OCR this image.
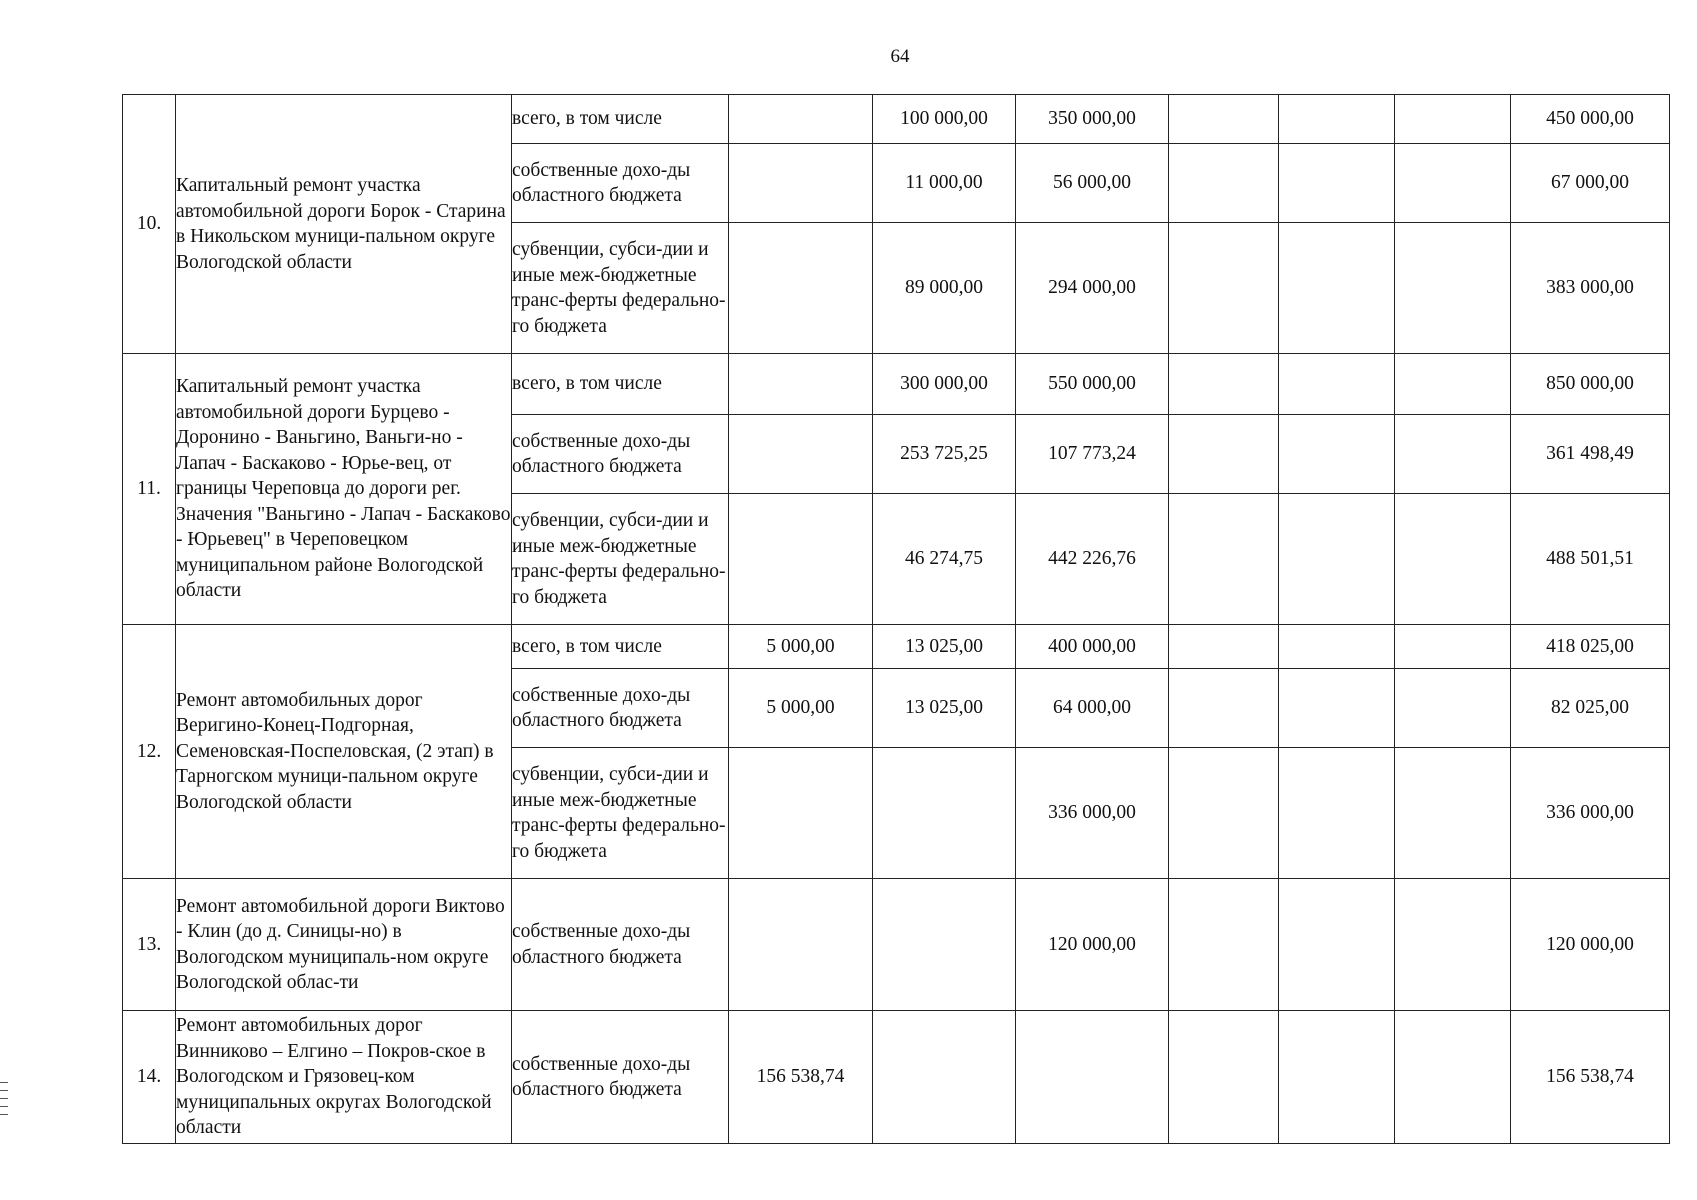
64
10.	Капитальный ремонт участка автомобильной дороги Борок - Старина в Никольском муници-пальном округе Вологодской области	всего, в том числе		100 000,00	350 000,00				450 000,00
		собственные дохо-ды областного бюджета		11 000,00	56 000,00				67 000,00
		субвенции, субси-дии и иные меж-бюджетные транс-ферты федерально-го бюджета		89 000,00	294 000,00				383 000,00
11.	Капитальный ремонт участка автомобильной дороги Бурцево - Доронино - Ваньгино, Ваньги-но - Лапач - Баскаково - Юрье-вец, от границы Череповца до дороги рег. Значения "Ваньгино - Лапач - Баскаково - Юрьевец" в Череповецком муниципальном районе Вологодской области	всего, в том числе		300 000,00	550 000,00				850 000,00
		собственные дохо-ды областного бюджета		253 725,25	107 773,24				361 498,49
		субвенции, субси-дии и иные меж-бюджетные транс-ферты федерально-го бюджета		46 274,75	442 226,76				488 501,51
12.	Ремонт автомобильных дорог Веригино-Конец-Подгорная, Семеновская-Поспеловская, (2 этап) в Тарногском муници-пальном округе Вологодской области	всего, в том числе	5 000,00	13 025,00	400 000,00				418 025,00
		собственные дохо-ды областного бюджета	5 000,00	13 025,00	64 000,00				82 025,00
		субвенции, субси-дии и иные меж-бюджетные транс-ферты федерально-го бюджета			336 000,00				336 000,00
13.	Ремонт автомобильной дороги Виктово - Клин (до д. Синицы-но) в Вологодском муниципаль-ном округе Вологодской облас-ти	собственные дохо-ды областного бюджета			120 000,00				120 000,00
14.	Ремонт автомобильных дорог Винниково – Елгино – Покров-ское в Вологодском и Грязовец-ком муниципальных округах Вологодской области	собственные дохо-ды областного бюджета	156 538,74						156 538,74
